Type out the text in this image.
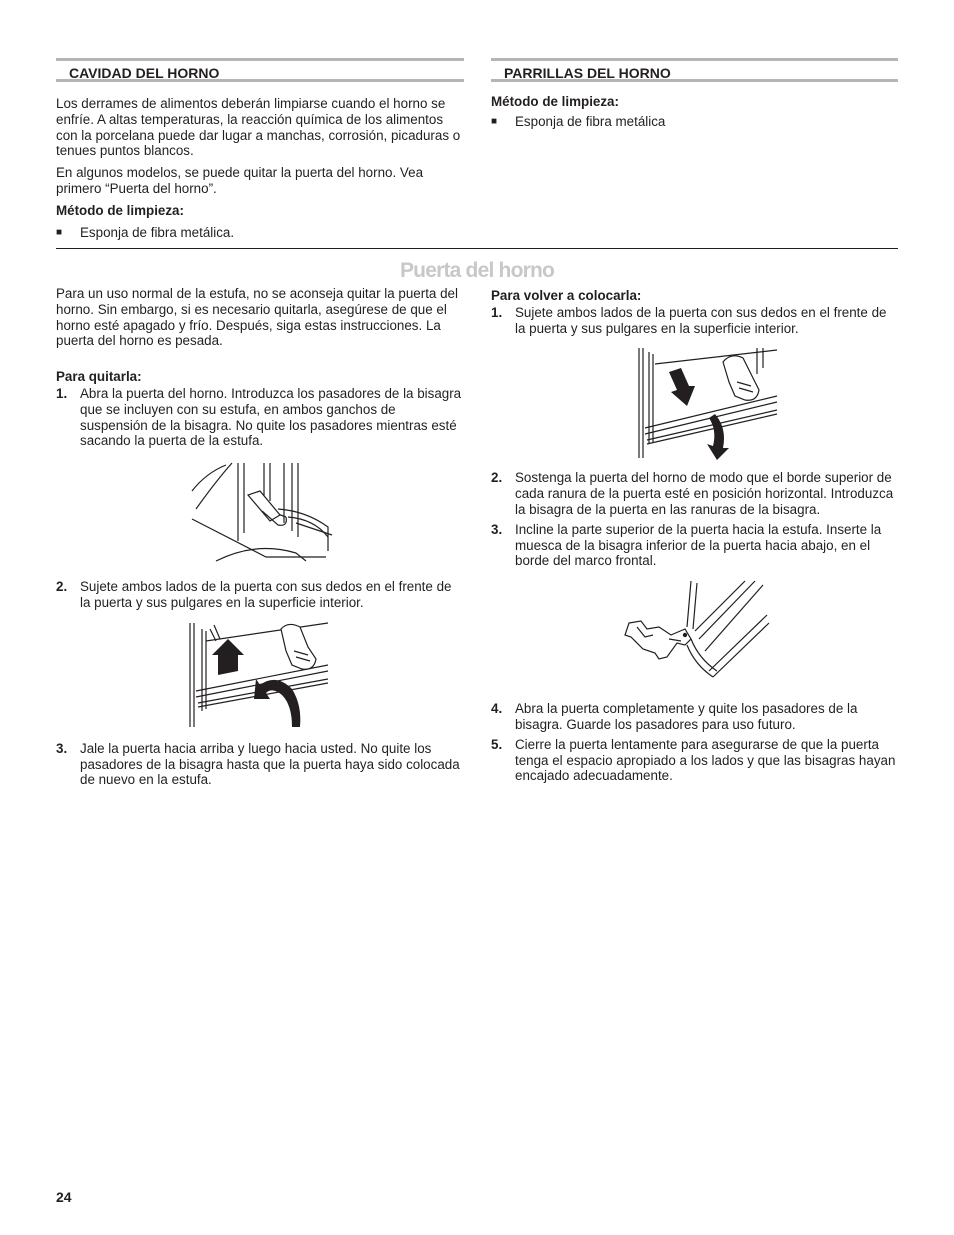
CAVIDAD DEL HORNO

Los derrames de alimentos deberán limpiarse cuando el horno se enfríe. A altas temperaturas, la reacción química de los alimentos con la porcelana puede dar lugar a manchas, corrosión, picaduras o tenues puntos blancos.

En algunos modelos, se puede quitar la puerta del horno. Vea primero “Puerta del horno”.

Método de limpieza:

■	Esponja de fibra metálica.
PARRILLAS DEL HORNO

Método de limpieza:

■	Esponja de fibra metálica
Puerta del horno

Para un uso normal de la estufa, no se aconseja quitar la puerta del horno. Sin embargo, si es necesario quitarla, asegúrese de que el horno esté apagado y frío. Después, siga estas instrucciones. La puerta del horno es pesada.

Para quitarla:

1. Abra la puerta del horno. Introduzca los pasadores de la bisagra que se incluyen con su estufa, en ambos ganchos de suspensión de la bisagra. No quite los pasadores mientras esté sacando la puerta de la estufa.
2. Sujete ambos lados de la puerta con sus dedos en el frente de la puerta y sus pulgares en la superficie interior.
3. Jale la puerta hacia arriba y luego hacia usted. No quite los pasadores de la bisagra hasta que la puerta haya sido colocada de nuevo en la estufa.

Para volver a colocarla:

1. Sujete ambos lados de la puerta con sus dedos en el frente de la puerta y sus pulgares en la superficie interior.
2. Sostenga la puerta del horno de modo que el borde superior de cada ranura de la puerta esté en posición horizontal. Introduzca la bisagra de la puerta en las ranuras de la bisagra.
3. Incline la parte superior de la puerta hacia la estufa. Inserte la muesca de la bisagra inferior de la puerta hacia abajo, en el borde del marco frontal.
4. Abra la puerta completamente y quite los pasadores de la bisagra. Guarde los pasadores para uso futuro.
5. Cierre la puerta lentamente para asegurarse de que la puerta tenga el espacio apropiado a los lados y que las bisagras hayan encajado adecuadamente.
24
